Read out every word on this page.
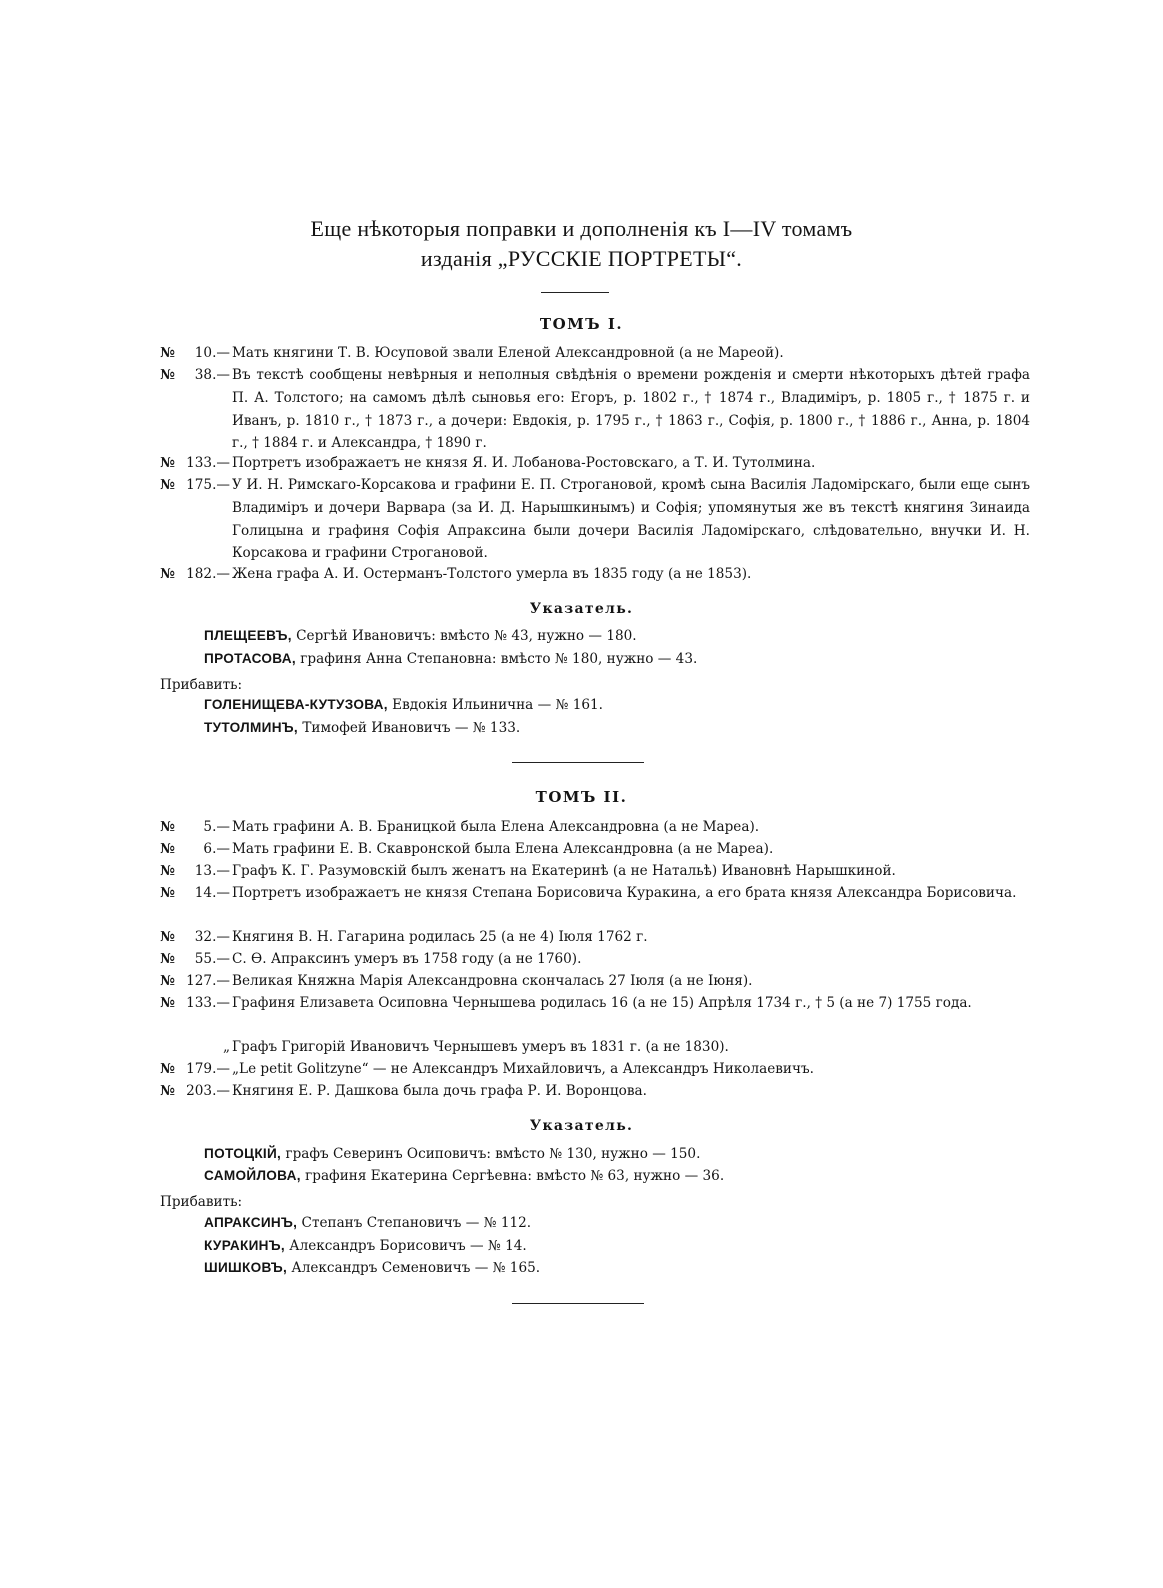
Еще нѣкоторыя поправки и дополненія къ I—IV томамъ
изданія „РУССКІЕ ПОРТРЕТЫ“.
ТОМЪ I.
№	10.— Мать княгини Т. В. Юсуповой звали Еленой Александровной (а не Мареой).
№	38.— Въ текстѣ сообщены невѣрныя и неполныя свѣдѣнія о времени рожденія и смерти нѣкоторыхъ дѣтей графа П. А. Толстого; на самомъ дѣлѣ сыновья его: Егоръ, р. 1802 г., † 1874 г., Владиміръ, р. 1805 г., † 1875 г. и Иванъ, р. 1810 г., † 1873 г., а дочери: Евдокія, р. 1795 г., † 1863 г., Софія, р. 1800 г., † 1886 г., Анна, р. 1804 г., † 1884 г. и Александра, † 1890 г.
№ 133.— Портретъ изображаетъ не князя Я. И. Лобанова-Ростовскаго, а Т. И. Тутолмина.
№ 175.— У И. Н. Римскаго-Корсакова и графини Е. П. Строгановой, кромѣ сына Василія Ладомірскаго, были еще сынъ Владиміръ и дочери Варвара (за И. Д. Нарышкинымъ) и Софія; упомянутыя же въ текстѣ княгиня Зинаида Голицына и графиня Софія Апраксина были дочери Василія Ладомірскаго, слѣдовательно, внучки И. Н. Корсакова и графини Строгановой.
№ 182.— Жена графа А. И. Остерманъ-Толстого умерла въ 1835 году (а не 1853).
Указатель.
ПЛЕЩЕЕВЪ, Сергѣй Ивановичъ: вмѣсто № 43, нужно — 180.
ПРОТАСОВА, графиня Анна Степановна: вмѣсто № 180, нужно — 43.
Прибавить:
ГОЛЕНИЩЕВА-КУТУЗОВА, Евдокія Ильинична — № 161.
ТУТОЛМИНЪ, Тимофей Ивановичъ — № 133.
ТОМЪ II.
№	5.— Мать графини А. В. Браницкой была Елена Александровна (а не Мареа).
№	6.— Мать графини Е. В. Скавронской была Елена Александровна (а не Мареа).
№	13.— Графъ К. Г. Разумовскій былъ женатъ на Екатеринѣ (а не Натальѣ) Ивановнѣ Нарышкиной.
№	14.— Портретъ изображаетъ не князя Степана Борисовича Куракина, а его брата князя Александра Борисовича.
№	32.— Княгиня В. Н. Гагарина родилась 25 (а не 4) Іюля 1762 г.
№	55.— С. Ѳ. Апраксинъ умеръ въ 1758 году (а не 1760).
№ 127.— Великая Княжна Марія Александровна скончалась 27 Іюля (а не Іюня).
№ 133.— Графиня Елизавета Осиповна Чернышева родилась 16 (а не 15) Апрѣля 1734 г., † 5 (а не 7) 1755 года.
„ Графъ Григорій Ивановичъ Чернышевъ умеръ въ 1831 г. (а не 1830).
№ 179.— „Le petit Golitzyne“ — не Александръ Михайловичъ, а Александръ Николаевичъ.
№ 203.— Княгиня Е. Р. Дашкова была дочь графа Р. И. Воронцова.
Указатель.
ПОТОЦКІЙ, графъ Северинъ Осиповичъ: вмѣсто № 130, нужно — 150.
САМОЙЛОВА, графиня Екатерина Сергѣевна: вмѣсто № 63, нужно — 36.
Прибавить:
АПРАКСИНЪ, Степанъ Степановичъ — № 112.
КУРАКИНЪ, Александръ Борисовичъ — № 14.
ШИШКОВЪ, Александръ Семеновичъ — № 165.
